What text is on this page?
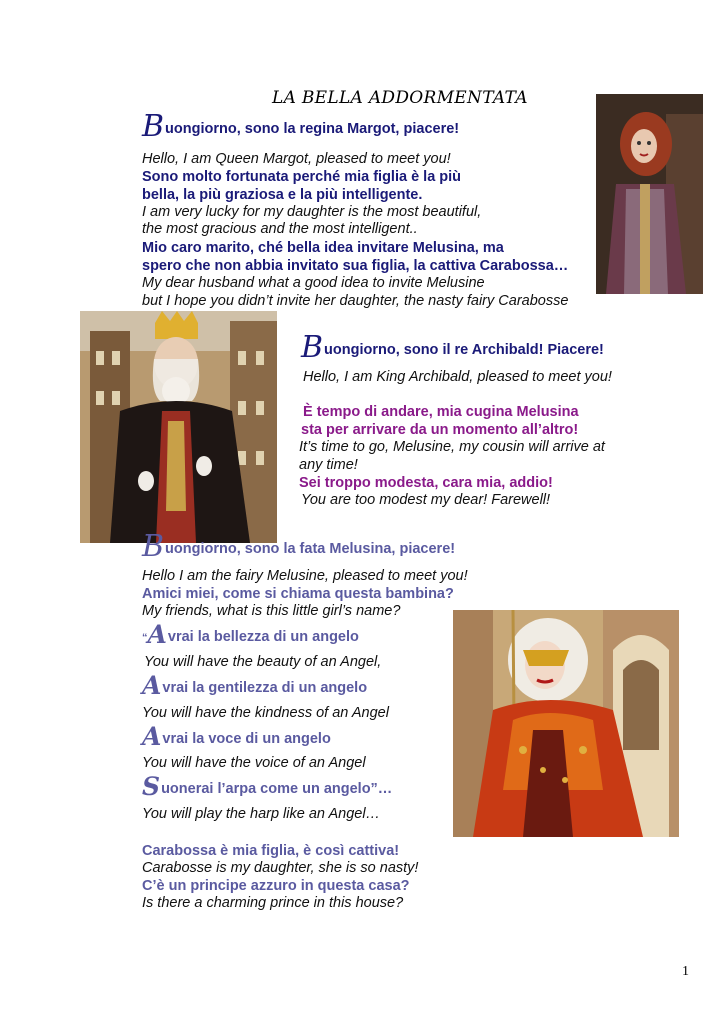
LA BELLA ADDORMENTATA
Buongiorno, sono la regina Margot, piacere!
Hello, I am Queen Margot, pleased to meet you!
Sono molto fortunata perché mia figlia è la più
bella, la più graziosa e la più intelligente.
I am very lucky for my daughter is the most beautiful,
the most gracious and the most intelligent..
Mio caro marito, ché bella idea invitare Melusina, ma
spero che non abbia invitato sua figlia, la cattiva Carabossa…
My dear husband what a good idea to invite Melusine
but I hope you didn’t invite her daughter, the nasty fairy Carabosse
Buongiorno, sono il re Archibald! Piacere!
Hello, I am King Archibald, pleased to meet you!
È tempo di andare, mia cugina Melusina
sta per arrivare da un momento all’altro!
It’s time to go, Melusine, my cousin will arrive at
any time!
Sei troppo modesta, cara mia, addio!
You are too modest my dear! Farewell!
Buongiorno, sono la fata Melusina, piacere!
Hello I am the fairy Melusine, pleased to meet you!
Amici miei, come si chiama questa bambina?
My friends, what is this little girl’s name?
“Avrai la bellezza di un angelo
You will have the beauty of an Angel,
Avrai la gentilezza di un angelo
You will have the kindness of an Angel
Avrai la voce di un angelo
You will have the voice of an Angel
Suonerai l’arpa come un angelo”…
You will play the harp like an Angel…
Carabossa è mia figlia, è così cattiva!
Carabosse is my daughter, she is so nasty!
C’è un principe azzuro in questa casa?
Is there a charming prince in this house?
1
